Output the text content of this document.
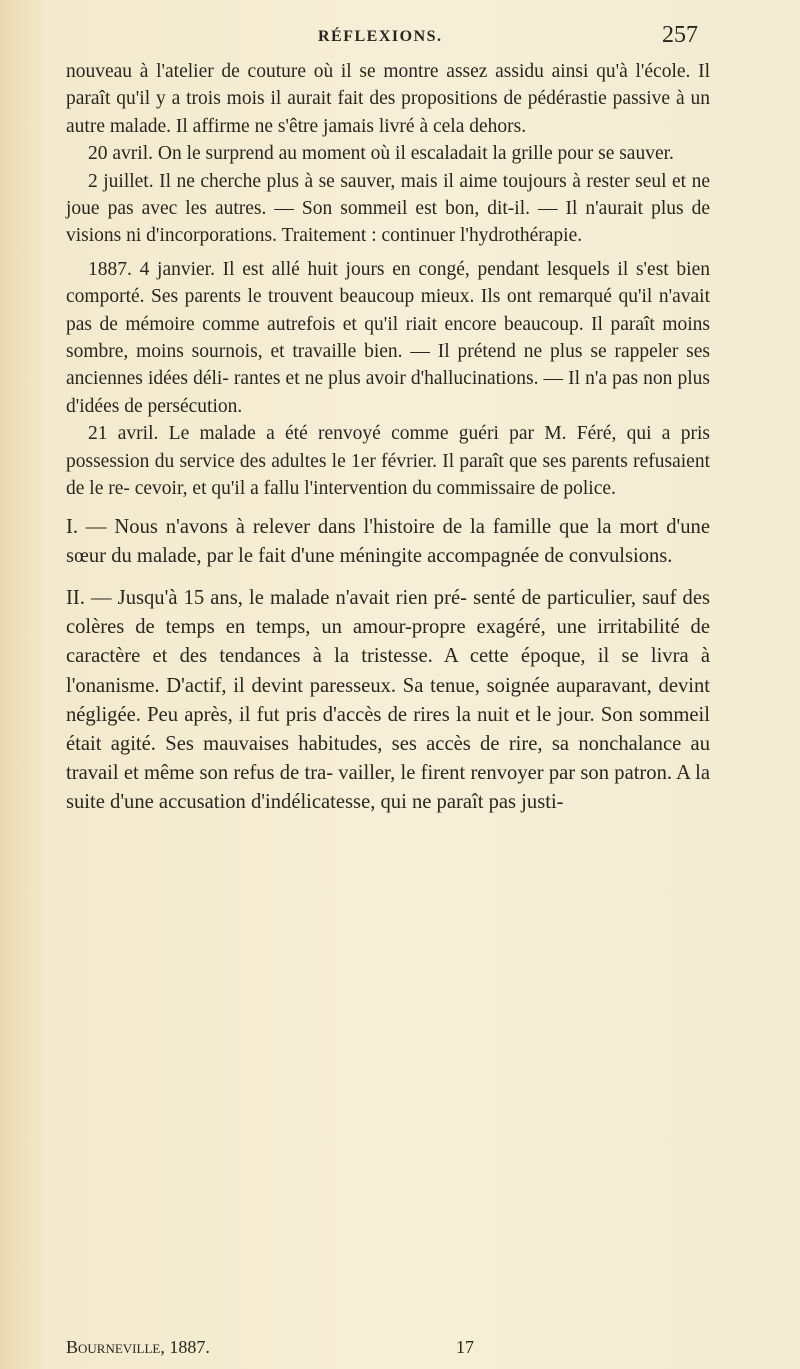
RÉFLEXIONS.	257

nouveau à l'atelier de couture où il se montre assez assidu ainsi qu'à l'école. Il paraît qu'il y a trois mois il aurait fait des propositions de pédérastie passive à un autre malade. Il affirme ne s'être jamais livré à cela dehors.

20 avril. On le surprend au moment où il escaladait la grille pour se sauver.

2 juillet. Il ne cherche plus à se sauver, mais il aime toujours à rester seul et ne joue pas avec les autres. — Son sommeil est bon, dit-il. — Il n'aurait plus de visions ni d'incorporations. Traitement : continuer l'hydrothérapie.

1887. 4 janvier. Il est allé huit jours en congé, pendant lesquels il s'est bien comporté. Ses parents le trouvent beaucoup mieux. Ils ont remarqué qu'il n'avait pas de mémoire comme autrefois et qu'il riait encore beaucoup. Il paraît moins sombre, moins sournois, et travaille bien. — Il prétend ne plus se rappeler ses anciennes idées déli- rantes et ne plus avoir d'hallucinations. — Il n'a pas non plus d'idées de persécution.

21 avril. Le malade a été renvoyé comme guéri par M. Féré, qui a pris possession du service des adultes le 1er février. Il paraît que ses parents refusaient de le re- cevoir, et qu'il a fallu l'intervention du commissaire de police.

I. — Nous n'avons à relever dans l'histoire de la famille que la mort d'une sœur du malade, par le fait d'une méningite accompagnée de convulsions.

II. — Jusqu'à 15 ans, le malade n'avait rien pré- senté de particulier, sauf des colères de temps en temps, un amour-propre exagéré, une irritabilité de caractère et des tendances à la tristesse. A cette époque, il se livra à l'onanisme. D'actif, il devint paresseux. Sa tenue, soignée auparavant, devint négligée. Peu après, il fut pris d'accès de rires la nuit et le jour. Son sommeil était agité. Ses mauvaises habitudes, ses accès de rire, sa nonchalance au travail et même son refus de tra- vailler, le firent renvoyer par son patron. A la suite d'une accusation d'indélicatesse, qui ne paraît pas justi-

Bourneville, 1887.	17
